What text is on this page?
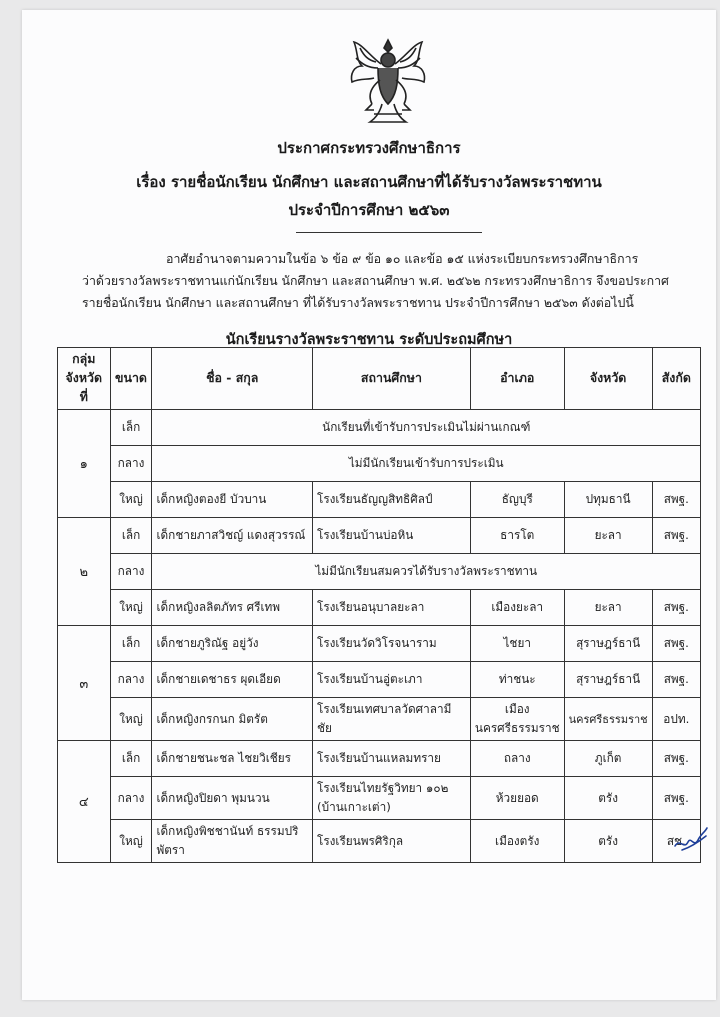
ประกาศกระทรวงศึกษาธิการ
เรื่อง รายชื่อนักเรียน นักศึกษา และสถานศึกษาที่ได้รับรางวัลพระราชทาน
ประจำปีการศึกษา ๒๕๖๓
อาศัยอำนาจตามความในข้อ ๖ ข้อ ๙ ข้อ ๑๐ และข้อ ๑๕ แห่งระเบียบกระทรวงศึกษาธิการ
ว่าด้วยรางวัลพระราชทานแก่นักเรียน นักศึกษา และสถานศึกษา พ.ศ. ๒๕๖๒ กระทรวงศึกษาธิการ จึงขอประกาศ
รายชื่อนักเรียน นักศึกษา และสถานศึกษา ที่ได้รับรางวัลพระราชทาน ประจำปีการศึกษา ๒๕๖๓ ดังต่อไปนี้
นักเรียนรางวัลพระราชทาน ระดับประถมศึกษา
กลุ่ม
จังหวัดที่	ขนาด	ชื่อ - สกุล	สถานศึกษา	อำเภอ	จังหวัด	สังกัด
๑	เล็ก	นักเรียนที่เข้ารับการประเมินไม่ผ่านเกณฑ์				
	กลาง	ไม่มีนักเรียนเข้ารับการประเมิน				
	ใหญ่	เด็กหญิงตองยี บัวบาน	โรงเรียนธัญญสิทธิศิลป์	ธัญบุรี	ปทุมธานี	สพฐ.
๒	เล็ก	เด็กชายภาสวิชญ์ แดงสุวรรณ์	โรงเรียนบ้านบ่อหิน	ธารโต	ยะลา	สพฐ.
	กลาง	ไม่มีนักเรียนสมควรได้รับรางวัลพระราชทาน				
	ใหญ่	เด็กหญิงลลิตภัทร ศรีเทพ	โรงเรียนอนุบาลยะลา	เมืองยะลา	ยะลา	สพฐ.
๓	เล็ก	เด็กชายภูริณัฐ อยู่วัง	โรงเรียนวัดวิโรจนาราม	ไชยา	สุราษฎร์ธานี	สพฐ.
	กลาง	เด็กชายเดชาธร ผุดเอียด	โรงเรียนบ้านอู่ตะเภา	ท่าชนะ	สุราษฎร์ธานี	สพฐ.
	ใหญ่	เด็กหญิงกรกนก มิตรัต	โรงเรียนเทศบาลวัดศาลามีชัย	เมืองนครศรีธรรมราช	นครศรีธรรมราช	อปท.
๔	เล็ก	เด็กชายชนะชล ไชยวิเชียร	โรงเรียนบ้านแหลมทราย	ถลาง	ภูเก็ต	สพฐ.
	กลาง	เด็กหญิงปิยดา พุมนวน	โรงเรียนไทยรัฐวิทยา ๑๐๒ (บ้านเกาะเต่า)	ห้วยยอด	ตรัง	สพฐ.
	ใหญ่	เด็กหญิงพิชชานันท์ ธรรมปริพัตรา	โรงเรียนพรศิริกุล	เมืองตรัง	ตรัง	สช.
